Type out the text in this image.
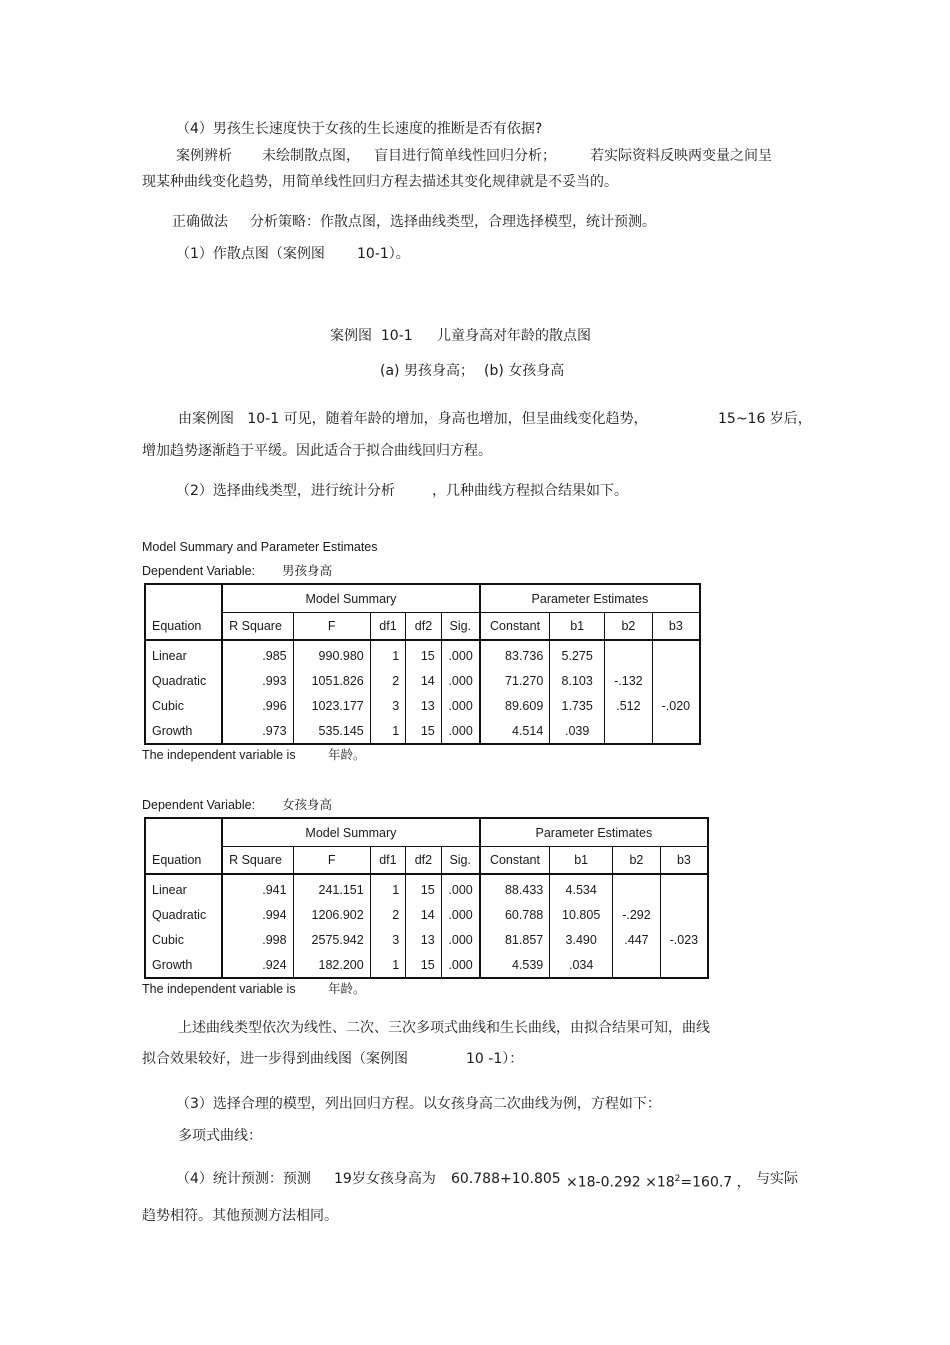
（4）男孩生长速度快于女孩的生长速度的推断是否有依据?
案例辨析 未绘制散点图， 盲目进行简单线性回归分析； 若实际资料反映两变量之间呈
现某种曲线变化趋势，用简单线性回归方程去描述其变化规律就是不妥当的。
正确做法 分析策略：作散点图，选择曲线类型，合理选择模型，统计预测。
（1）作散点图（案例图 10-1）。
案例图  10-1 儿童身高对年龄的散点图
(a) 男孩身高； (b) 女孩身高
由案例图   10-1 可见，随着年龄的增加，身高也增加，但呈曲线变化趋势，	15~16 岁后，
增加趋势逐渐趋于平缓。因此适合于拟合曲线回归方程。
（2）选择曲线类型，进行统计分析	，几种曲线方程拟合结果如下。
Model Summary and Parameter Estimates
Dependent Variable: 男孩身高
	Model Summary					Parameter Estimates			
Equation	R Square	F	df1	df2	Sig.	Constant	b1	b2	b3
Linear	.985	990.980	1	15	.000	83.736	5.275		
Quadratic	.993	1051.826	2	14	.000	71.270	8.103	-.132	
Cubic	.996	1023.177	3	13	.000	89.609	1.735	.512	-.020
Growth	.973	535.145	1	15	.000	4.514	.039		
The independent variable is	年龄。
Dependent Variable: 女孩身高
	Model Summary					Parameter Estimates			
Equation	R Square	F	df1	df2	Sig.	Constant	b1	b2	b3
Linear	.941	241.151	1	15	.000	88.433	4.534		
Quadratic	.994	1206.902	2	14	.000	60.788	10.805	-.292	
Cubic	.998	2575.942	3	13	.000	81.857	3.490	.447	-.023
Growth	.924	182.200	1	15	.000	4.539	.034		
The independent variable is	年龄。
上述曲线类型依次为线性、二次、三次多项式曲线和生长曲线，由拟合结果可知，曲线
拟合效果较好，进一步得到曲线图（案例图	10 -1）：
（3）选择合理的模型，列出回归方程。以女孩身高二次曲线为例，方程如下：
多项式曲线：
（4）统计预测：预测 19岁女孩身高为 $60.788+10.805 \times 18-0.292 \times 18^2=160.7$ ， 与实际
趋势相符。其他预测方法相同。
